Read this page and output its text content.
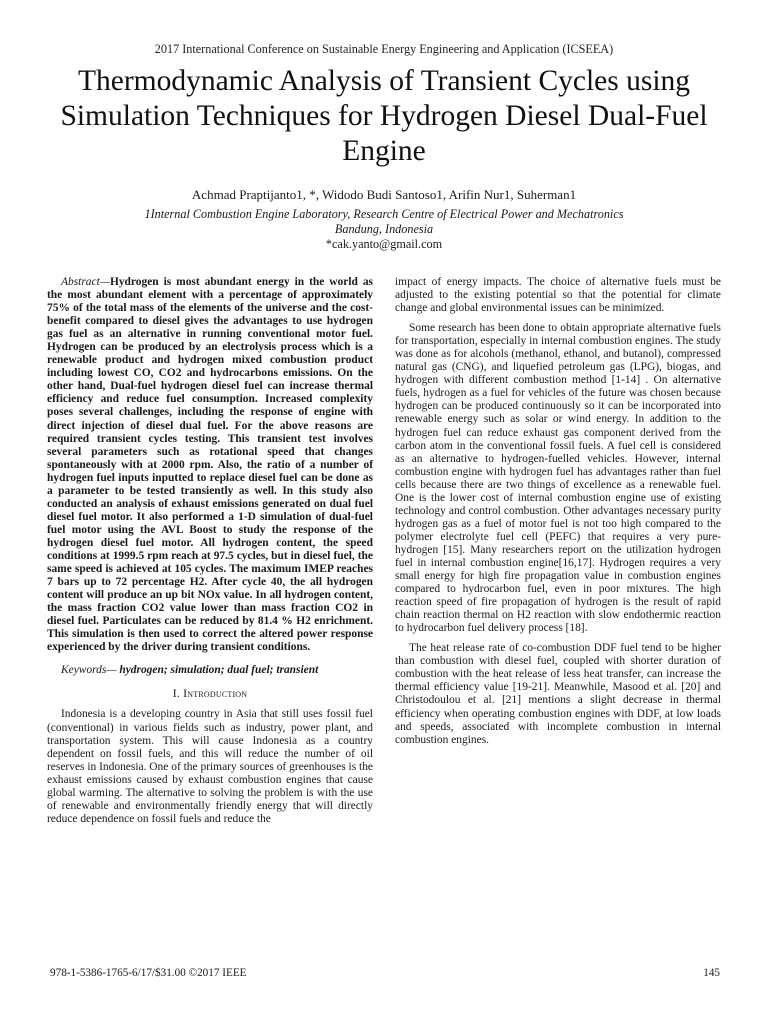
2017 International Conference on Sustainable Energy Engineering and Application (ICSEEA)
Thermodynamic Analysis of Transient Cycles using Simulation Techniques for Hydrogen Diesel Dual-Fuel Engine
Achmad Praptijanto1, *, Widodo Budi Santoso1, Arifin Nur1, Suherman1
1Internal Combustion Engine Laboratory, Research Centre of Electrical Power and Mechatronics
Bandung, Indonesia
*cak.yanto@gmail.com

Abstract—Hydrogen is most abundant energy in the world as the most abundant element with a percentage of approximately 75% of the total mass of the elements of the universe and the cost-benefit compared to diesel gives the advantages to use hydrogen gas fuel as an alternative in running conventional motor fuel. Hydrogen can be produced by an electrolysis process which is a renewable product and hydrogen mixed combustion product including lowest CO, CO2 and hydrocarbons emissions. On the other hand, Dual-fuel hydrogen diesel fuel can increase thermal efficiency and reduce fuel consumption. Increased complexity poses several challenges, including the response of engine with direct injection of diesel dual fuel. For the above reasons are required transient cycles testing. This transient test involves several parameters such as rotational speed that changes spontaneously with at 2000 rpm. Also, the ratio of a number of hydrogen fuel inputs inputted to replace diesel fuel can be done as a parameter to be tested transiently as well. In this study also conducted an analysis of exhaust emissions generated on dual fuel diesel fuel motor. It also performed a 1-D simulation of dual-fuel fuel motor using the AVL Boost to study the response of the hydrogen diesel fuel motor. All hydrogen content, the speed conditions at 1999.5 rpm reach at 97.5 cycles, but in diesel fuel, the same speed is achieved at 105 cycles. The maximum IMEP reaches 7 bars up to 72 percentage H2. After cycle 40, the all hydrogen content will produce an up bit NOx value. In all hydrogen content, the mass fraction CO2 value lower than mass fraction CO2 in diesel fuel. Particulates can be reduced by 81.4 % H2 enrichment. This simulation is then used to correct the altered power response experienced by the driver during transient conditions.

Keywords— hydrogen; simulation; dual fuel; transient

I. Introduction

Indonesia is a developing country in Asia that still uses fossil fuel (conventional) in various fields such as industry, power plant, and transportation system. This will cause Indonesia as a country dependent on fossil fuels, and this will reduce the number of oil reserves in Indonesia. One of the primary sources of greenhouses is the exhaust emissions caused by exhaust combustion engines that cause global warming. The alternative to solving the problem is with the use of renewable and environmentally friendly energy that will directly reduce dependence on fossil fuels and reduce the

impact of energy impacts. The choice of alternative fuels must be adjusted to the existing potential so that the potential for climate change and global environmental issues can be minimized.

Some research has been done to obtain appropriate alternative fuels for transportation, especially in internal combustion engines. The study was done as for alcohols (methanol, ethanol, and butanol), compressed natural gas (CNG), and liquefied petroleum gas (LPG), biogas, and hydrogen with different combustion method [1-14] . On alternative fuels, hydrogen as a fuel for vehicles of the future was chosen because hydrogen can be produced continuously so it can be incorporated into renewable energy such as solar or wind energy. In addition to the hydrogen fuel can reduce exhaust gas component derived from the carbon atom in the conventional fossil fuels. A fuel cell is considered as an alternative to hydrogen-fuelled vehicles. However, internal combustion engine with hydrogen fuel has advantages rather than fuel cells because there are two things of excellence as a renewable fuel. One is the lower cost of internal combustion engine use of existing technology and control combustion. Other advantages necessary purity hydrogen gas as a fuel of motor fuel is not too high compared to the polymer electrolyte fuel cell (PEFC) that requires a very pure-hydrogen [15]. Many researchers report on the utilization hydrogen fuel in internal combustion engine[16,17]. Hydrogen requires a very small energy for high fire propagation value in combustion engines compared to hydrocarbon fuel, even in poor mixtures. The high reaction speed of fire propagation of hydrogen is the result of rapid chain reaction thermal on H2 reaction with slow endothermic reaction to hydrocarbon fuel delivery process [18].

The heat release rate of co-combustion DDF fuel tend to be higher than combustion with diesel fuel, coupled with shorter duration of combustion with the heat release of less heat transfer, can increase the thermal efficiency value [19-21]. Meanwhile, Masood et al. [20] and Christodoulou et al. [21] mentions a slight decrease in thermal efficiency when operating combustion engines with DDF, at low loads and speeds, associated with incomplete combustion in internal combustion engines.

978-1-5386-1765-6/17/$31.00 ©2017 IEEE	145
